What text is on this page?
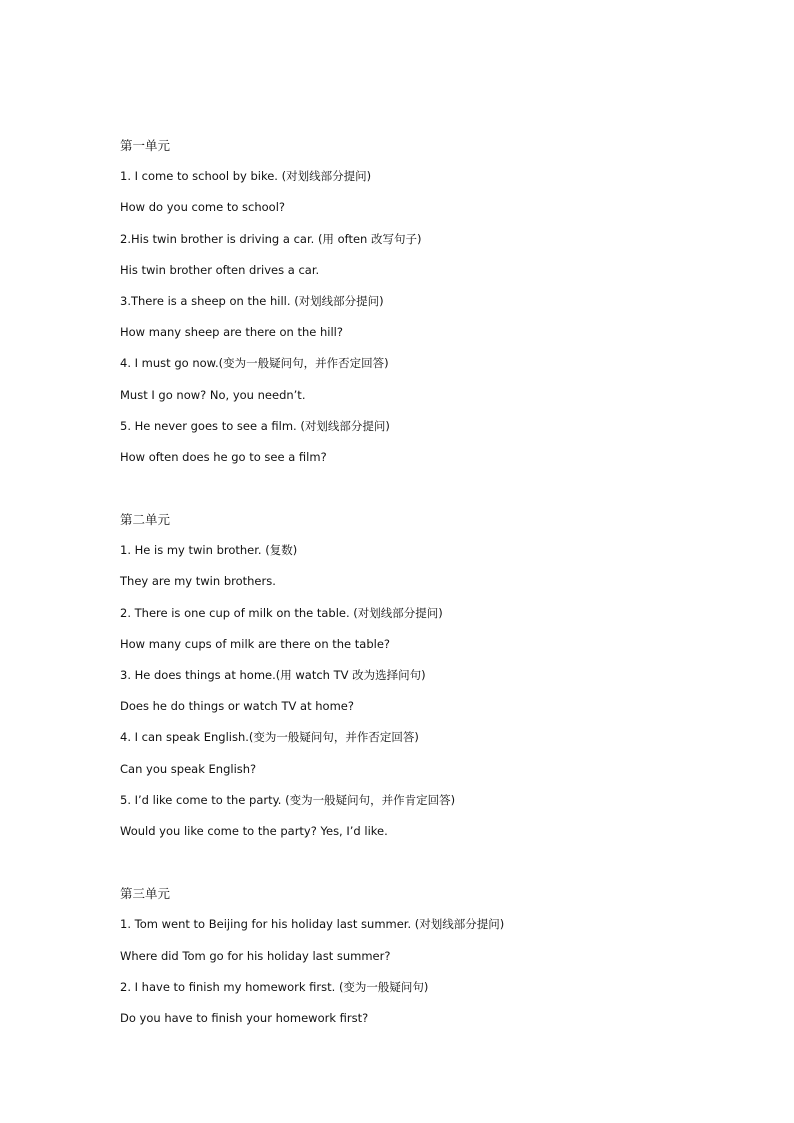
第一单元
1. I come to school by bike. (对划线部分提问)
How do you come to school?
2.His twin brother is driving a car. (用 often 改写句子)
His twin brother often drives a car.
3.There is a sheep on the hill. (对划线部分提问)
How many sheep are there on the hill?
4. I must go now.(变为一般疑问句，并作否定回答)
Must I go now? No, you needn’t.
5. He never goes to see a film. (对划线部分提问)
How often does he go to see a film?
第二单元
1. He is my twin brother. (复数)
They are my twin brothers.
2. There is one cup of milk on the table. (对划线部分提问)
How many cups of milk are there on the table?
3. He does things at home.(用 watch TV 改为选择问句)
Does he do things or watch TV at home?
4. I can speak English.(变为一般疑问句，并作否定回答)
Can you speak English?
5. I’d like come to the party. (变为一般疑问句，并作肯定回答)
Would you like come to the party? Yes, I’d like.
第三单元
1. Tom went to Beijing for his holiday last summer. (对划线部分提问)
Where did Tom go for his holiday last summer?
2. I have to finish my homework first. (变为一般疑问句)
Do you have to finish your homework first?
